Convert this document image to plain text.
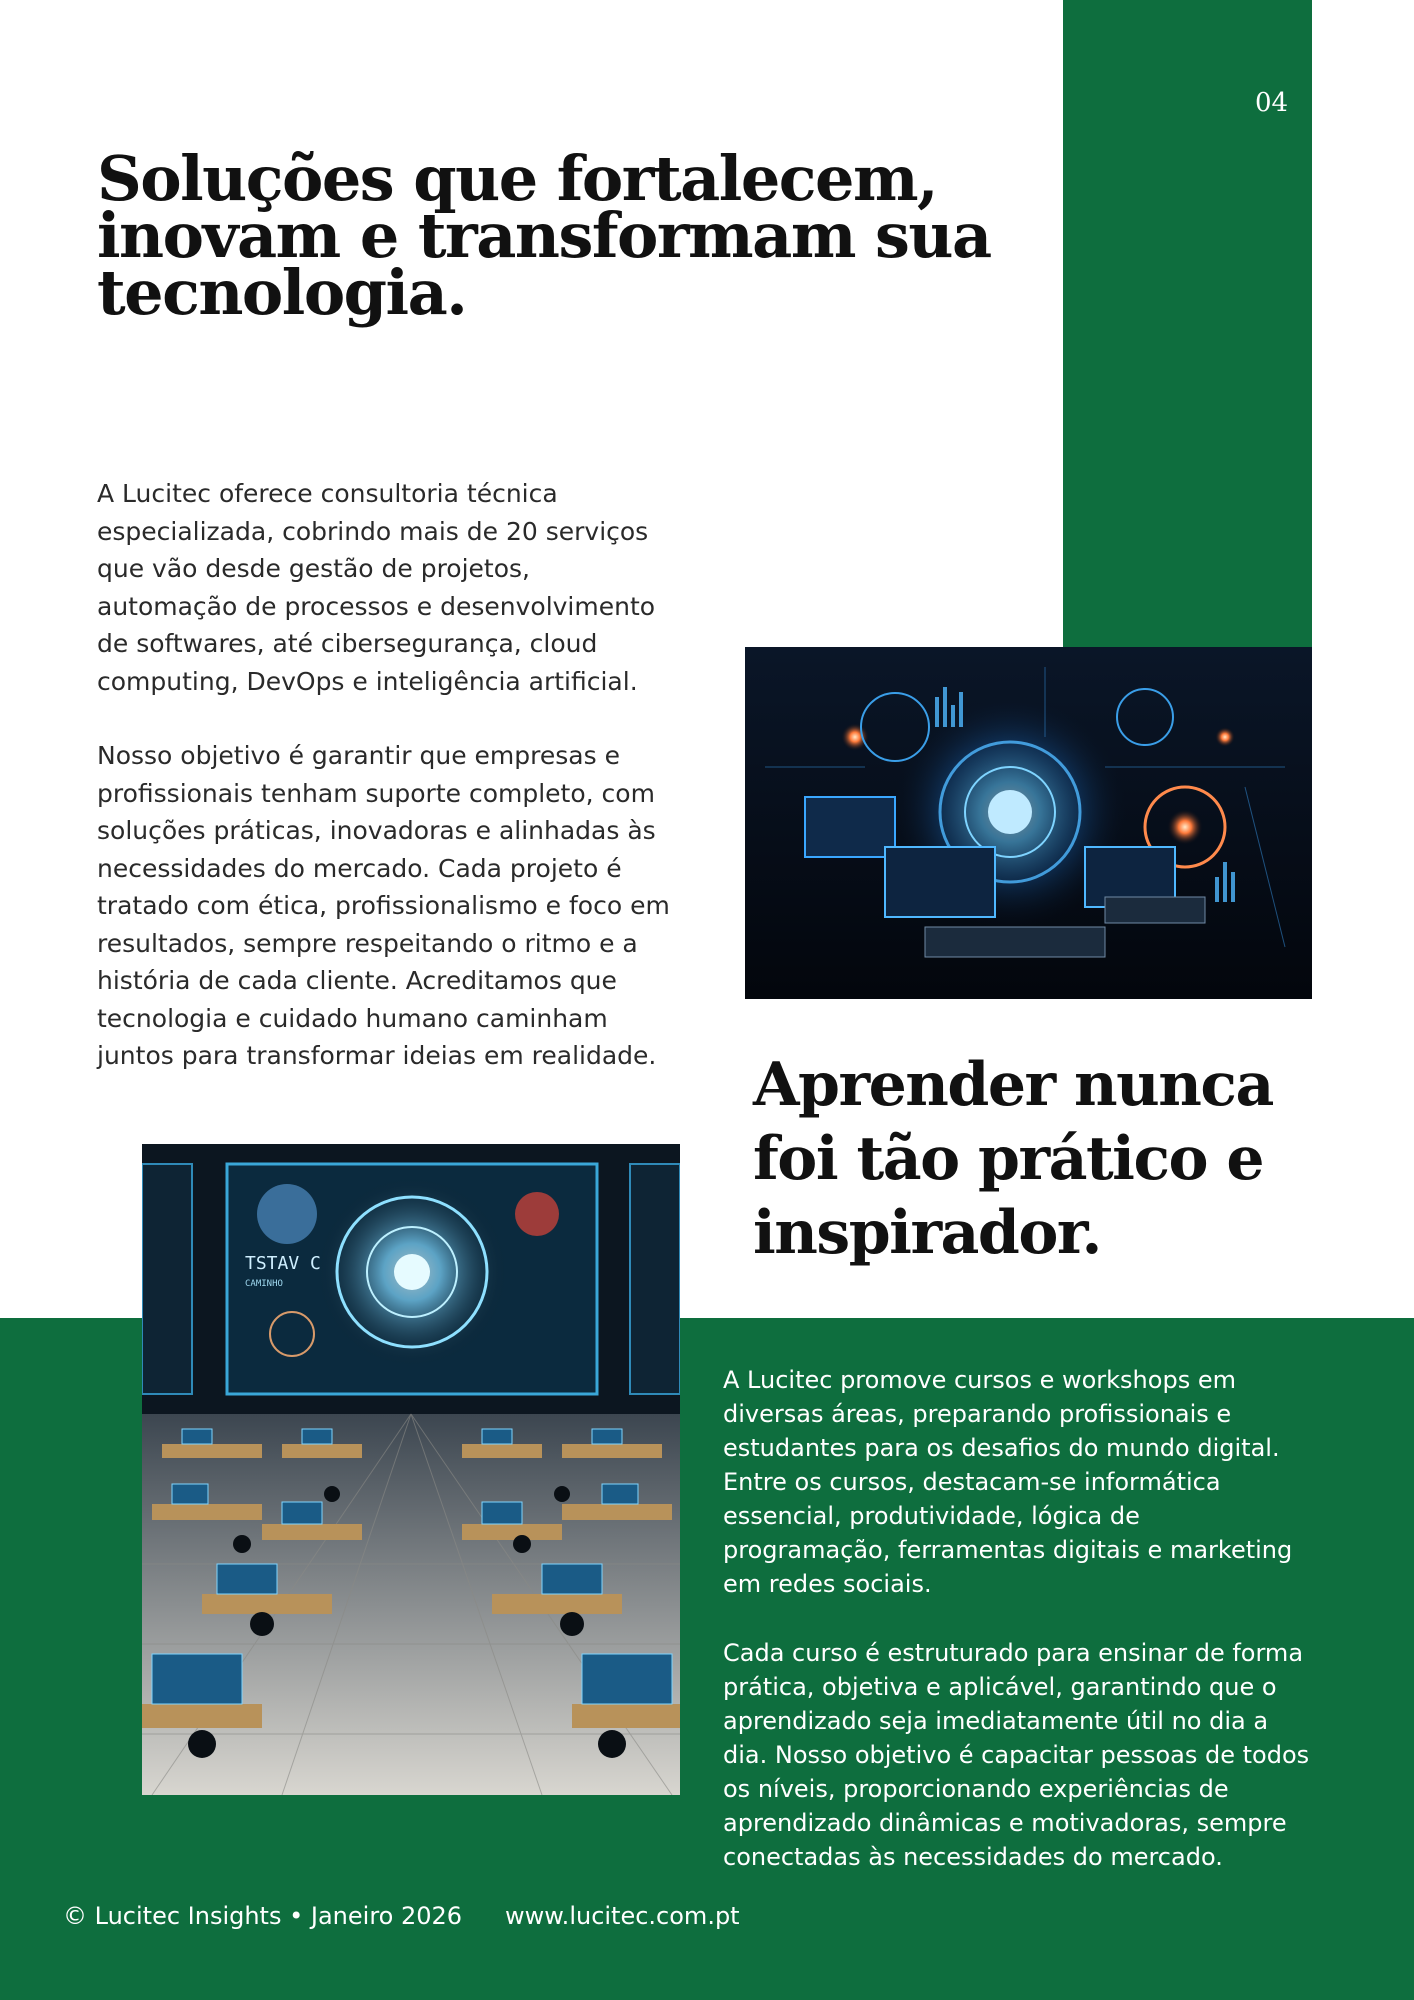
04
Soluções que fortalecem,
inovam e transformam sua
tecnologia.

A Lucitec oferece consultoria técnica
especializada, cobrindo mais de 20 serviços
que vão desde gestão de projetos,
automação de processos e desenvolvimento
de softwares, até cibersegurança, cloud
computing, DevOps e inteligência artificial.

Nosso objetivo é garantir que empresas e
profissionais tenham suporte completo, com
soluções práticas, inovadoras e alinhadas às
necessidades do mercado. Cada projeto é
tratado com ética, profissionalismo e foco em
resultados, sempre respeitando o ritmo e a
história de cada cliente. Acreditamos que
tecnologia e cuidado humano caminham
juntos para transformar ideias em realidade. Aprender nunca
foi tão prático e
inspirador.
TSTAV C
CAMINHO

A Lucitec promove cursos e workshops em
diversas áreas, preparando profissionais e
estudantes para os desafios do mundo digital.
Entre os cursos, destacam-se informática
essencial, produtividade, lógica de
programação, ferramentas digitais e marketing
em redes sociais.

Cada curso é estruturado para ensinar de forma
prática, objetiva e aplicável, garantindo que o
aprendizado seja imediatamente útil no dia a
dia. Nosso objetivo é capacitar pessoas de todos
os níveis, proporcionando experiências de
aprendizado dinâmicas e motivadoras, sempre
conectadas às necessidades do mercado.

© Lucitec Insights • Janeiro 2026 www.lucitec.com.pt
